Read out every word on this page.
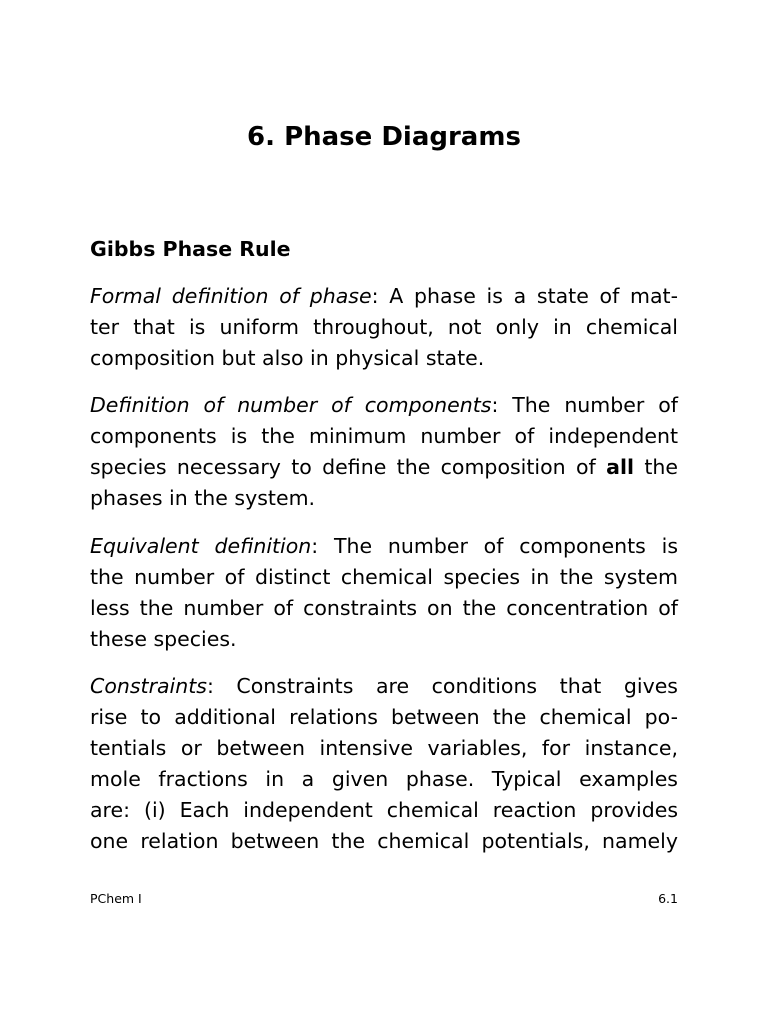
6. Phase Diagrams
Gibbs Phase Rule
Formal definition of phase: A phase is a state of mat-
ter that is uniform throughout, not only in chemical
composition but also in physical state.
Definition of number of components: The number of
components is the minimum number of independent
species necessary to define the composition of all the
phases in the system.
Equivalent definition: The number of components is
the number of distinct chemical species in the system
less the number of constraints on the concentration of
these species.
Constraints: Constraints are conditions that gives
rise to additional relations between the chemical po-
tentials or between intensive variables, for instance,
mole fractions in a given phase. Typical examples
are: (i) Each independent chemical reaction provides
one relation between the chemical potentials, namely
PChem I	6.1
